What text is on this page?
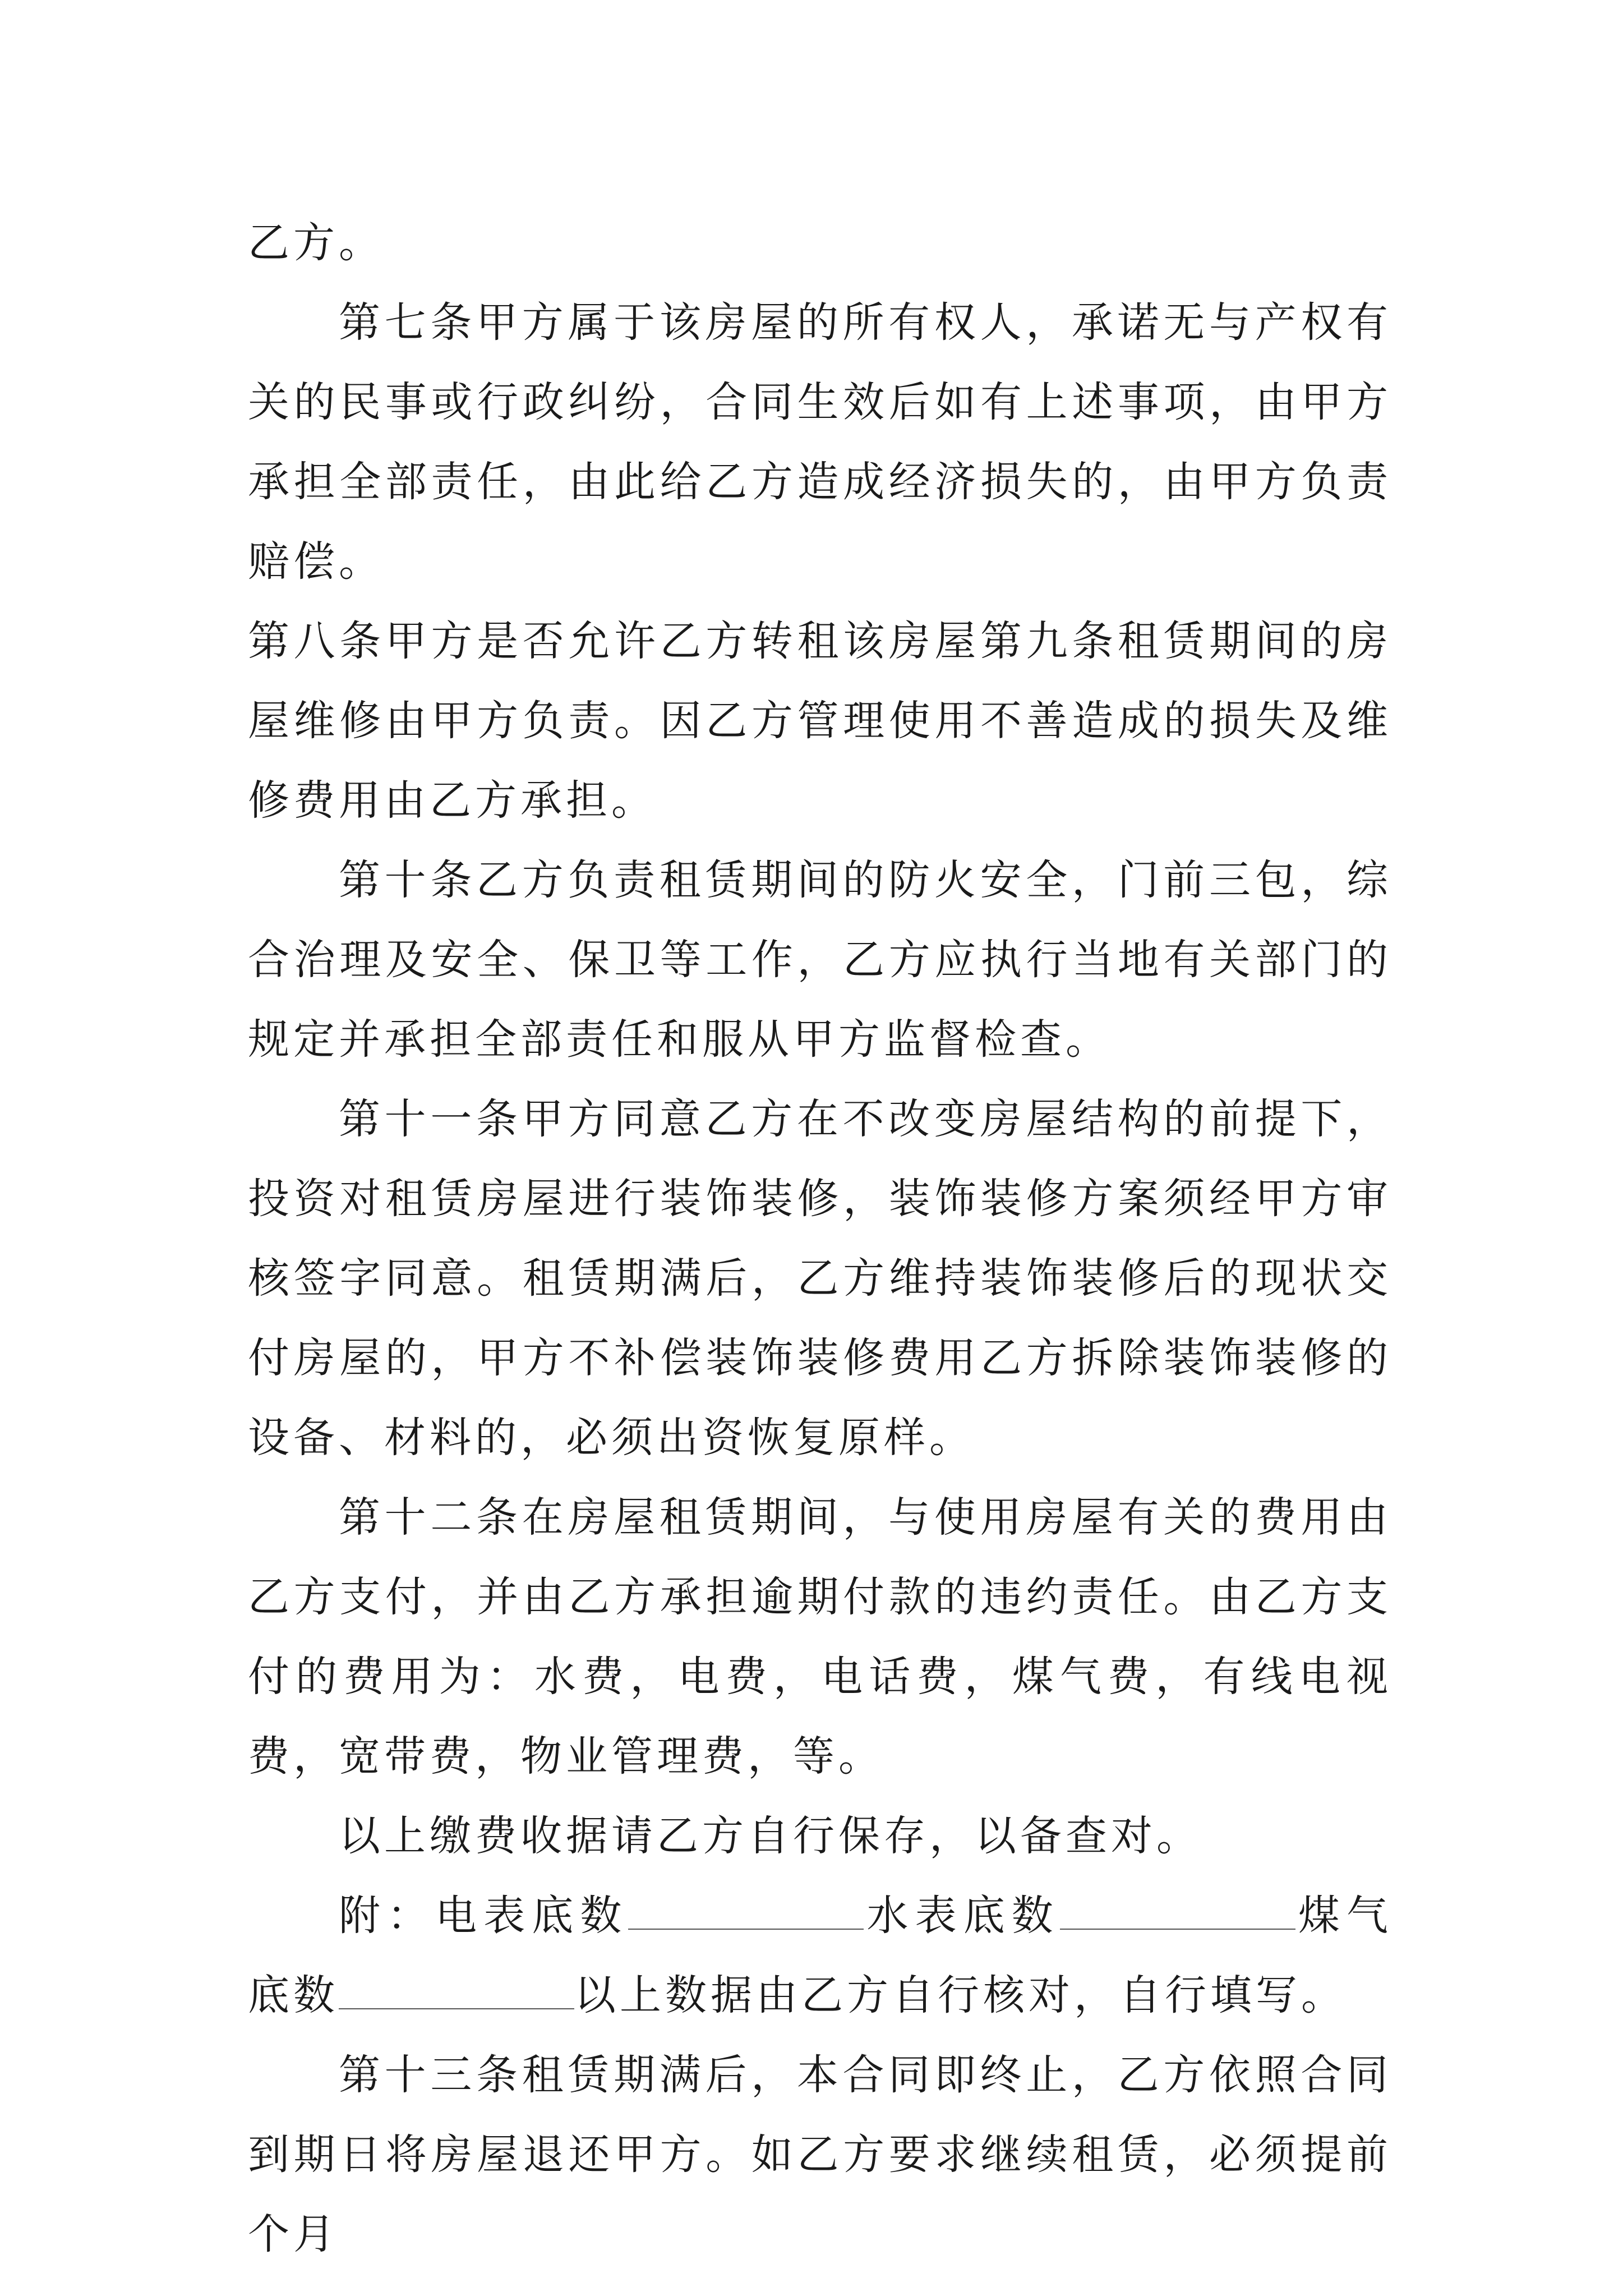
乙方。

第七条甲方属于该房屋的所有权人，承诺无与产权有关的民事或行政纠纷，合同生效后如有上述事项，由甲方承担全部责任，由此给乙方造成经济损失的，由甲方负责赔偿。

第八条甲方是否允许乙方转租该房屋第九条租赁期间的房屋维修由甲方负责。因乙方管理使用不善造成的损失及维修费用由乙方承担。

第十条乙方负责租赁期间的防火安全，门前三包，综合治理及安全、保卫等工作，乙方应执行当地有关部门的规定并承担全部责任和服从甲方监督检查。

第十一条甲方同意乙方在不改变房屋结构的前提下，投资对租赁房屋进行装饰装修，装饰装修方案须经甲方审核签字同意。租赁期满后，乙方维持装饰装修后的现状交付房屋的，甲方不补偿装饰装修费用乙方拆除装饰装修的设备、材料的，必须出资恢复原样。

第十二条在房屋租赁期间，与使用房屋有关的费用由乙方支付，并由乙方承担逾期付款的违约责任。由乙方支付的费用为：水费，电费，电话费，煤气费，有线电视费，宽带费，物业管理费，等。

以上缴费收据请乙方自行保存，以备查对。

附：电表底数	水表底数	煤气底数	以上数据由乙方自行核对，自行填写。

第十三条租赁期满后，本合同即终止，乙方依照合同到期日将房屋退还甲方。如乙方要求继续租赁，必须提前个月
